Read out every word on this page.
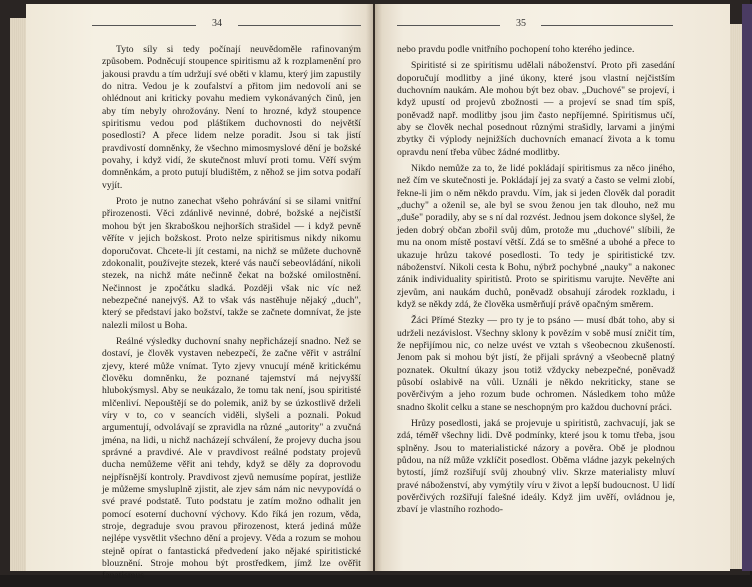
34

Tyto síly si tedy počínají neuvědoměle rafinovaným způsobem. Podněcují stoupence spiritismu až k rozplamenění pro jakousi pravdu a tím udržují své oběti v klamu, který jim zapustily do nitra. Vedou je k zoufalství a přitom jim nedovolí ani se ohlédnout ani kriticky povahu mediem vykonávaných činů, jen aby tím nebyly ohrožovány. Není to hrozné, když stoupence spiritismu vedou pod pláštíkem duchovnosti do největší posedlosti? A přece lidem nelze poradit. Jsou si tak jistí pravdivostí domněnky, že všechno mimosmyslové dění je božské povahy, i když vidí, že skutečnost mluví proti tomu. Věří svým domněnkám, a proto putují bludištěm, z něhož se jim sotva podaří vyjít.

Proto je nutno zanechat všeho pohrávání si se silami vnitřní přirozenosti. Věci zdánlivě nevinné, dobré, božské a nejčistší mohou být jen škraboškou nejhorších strašidel — i když pevně věříte v jejich božskost. Proto nelze spiritismus nikdy nikomu doporučovat. Chcete-li jít cestami, na nichž se můžete duchovně zdokonalit, používejte stezek, které vás naučí sebeovládání, nikoli stezek, na nichž máte nečinně čekat na božské omilostnění. Nečinnost je zpočátku sladká. Později však nic víc než nebezpečné nanejvýš. Až to však vás nastěhuje nějaký „duch", který se představí jako božství, takže se začnete domnívat, že jste nalezli milost u Boha.

Reálné výsledky duchovní snahy nepřicházejí snadno. Než se dostaví, je člověk vystaven nebezpečí, že začne věřit v astrální zjevy, které může vnímat. Tyto zjevy vnucují méně kritickému člověku domněnku, že poznané tajemství má nejvyšší hlubokýsmysl. Aby se neukázalo, že tomu tak není, jsou spiritisté mlčenliví. Nepouštějí se do polemik, aniž by se úzkostlivě drželi víry v to, co v seancích viděli, slyšeli a poznali. Pokud argumentují, odvolávají se zpravidla na různé „autority" a zvučná jména, na lidi, u nichž nacházejí schválení, že projevy ducha jsou správné a pravdivé. Ale v pravdivost reálné podstaty projevů ducha nemůžeme věřit ani tehdy, když se děly za doprovodu nejpřísnější kontroly. Pravdivost zjevů nemusíme popírat, jestliže je můžeme smysluplně zjistit, ale zjev sám nám nic nevypovídá o své pravé podstatě. Tuto podstatu je zatím možno odhalit jen pomocí esoterní duchovní výchovy. Kdo říká jen rozum, věda, stroje, degraduje svou pravou přirozenost, která jediná může nejlépe vysvětlit všechno dění a projevy. Věda a rozum se mohou stejně opírat o fantastická předvedení jako nějaké spiritistické blouznění. Stroje mohou být prostředkem, jímž lze ověřit fanatismus

35

nebo pravdu podle vnitřního pochopení toho kterého jedince.

Spiritisté si ze spiritismu udělali náboženství. Proto při zasedání doporučují modlitby a jiné úkony, které jsou vlastní nejčistším duchovním naukám. Ale mohou být bez obav. „Duchové" se projeví, i když upustí od projevů zbožnosti — a projeví se snad tím spíš, poněvadž např. modlitby jsou jim často nepříjemné. Spiritismus učí, aby se člověk nechal posednout různými strašidly, larvami a jinými zbytky či výplody nejnižších duchovních emanací života a k tomu opravdu není třeba vůbec žádné modlitby.

Nikdo nemůže za to, že lidé pokládají spiritismus za něco jiného, než čím ve skutečnosti je. Pokládají jej za svatý a často se velmi zlobí, řekne-li jim o něm někdo pravdu. Vím, jak si jeden člověk dal poradit „duchy" a oženil se, ale byl se svou ženou jen tak dlouho, než mu „duše" poradily, aby se s ní dal rozvést. Jednou jsem dokonce slyšel, že jeden dobrý občan zbořil svůj dům, protože mu „duchové" slíbili, že mu na onom místě postaví větší. Zdá se to směšné a ubohé a přece to ukazuje hrůzu takové posedlosti. To tedy je spiritistické tzv. náboženství. Nikoli cesta k Bohu, nýbrž pochybné „nauky" a nakonec zánik individuality spiritistů. Proto se spiritismu varujte. Nevěřte ani zjevům, ani naukám duchů, poněvadž obsahují zárodek rozkladu, i když se někdy zdá, že člověka usměrňují právě opačným směrem.

Žáci Přímé Stezky — pro ty je to psáno — musí dbát toho, aby si udrželi nezávislost. Všechny sklony k povězím v sobě musí zničit tím, že nepřijímou nic, co nelze uvést ve vztah s všeobecnou zkušeností. Jenom pak si mohou být jistí, že přijali správný a všeobecně platný poznatek. Okultní úkazy jsou totiž vždycky nebezpečné, poněvadž působí oslabivě na vůli. Uználi je někdo nekriticky, stane se pověrčivým a jeho rozum bude ochromen. Následkem toho může snadno školit celku a stane se neschopným pro každou duchovní práci.

Hrůzy posedlosti, jaká se projevuje u spiritistů, zachvacují, jak se zdá, téměř všechny lidi. Dvě podmínky, které jsou k tomu třeba, jsou splněny. Jsou to materialistické názory a pověra. Obě je plodnou půdou, na níž může vzklíčit posedlost. Oběma vládne jazyk pekelných bytostí, jímž rozšiřují svůj zhoubný vliv. Skrze materialisty mluví pravé náboženství, aby vymýtily víru v život a lepší budoucnost. U lidí pověrčivých rozšiřují falešné ideály. Když jim uvěří, ovládnou je, zbaví je vlastního rozhodo-
